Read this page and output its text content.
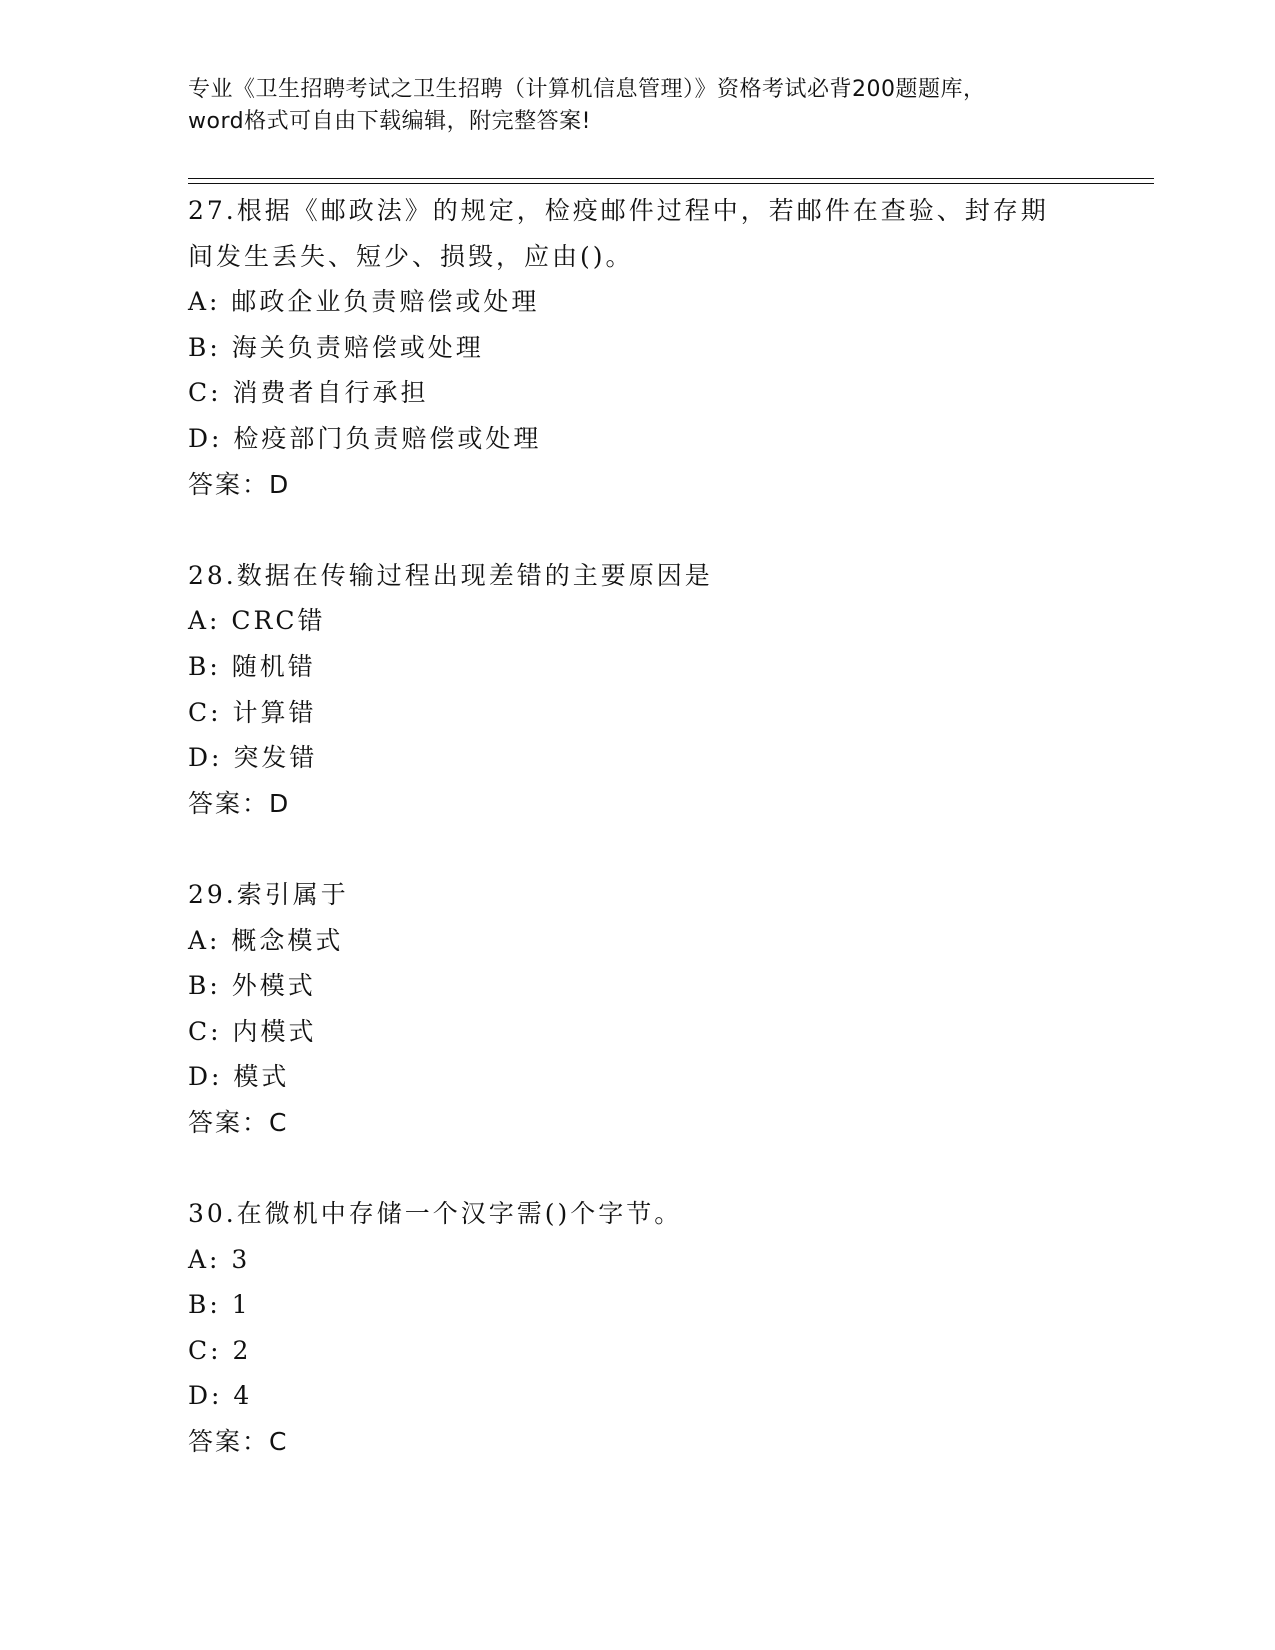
专业《卫生招聘考试之卫生招聘（计算机信息管理）》资格考试必背200题题库，
word格式可自由下载编辑，附完整答案!
27.根据《邮政法》的规定，检疫邮件过程中，若邮件在查验、封存期
间发生丢失、短少、损毁，应由()。
A: 邮政企业负责赔偿或处理
B: 海关负责赔偿或处理
C: 消费者自行承担
D: 检疫部门负责赔偿或处理
答案：D
28.数据在传输过程出现差错的主要原因是
A: CRC错
B: 随机错
C: 计算错
D: 突发错
答案：D
29.索引属于
A: 概念模式
B: 外模式
C: 内模式
D: 模式
答案：C
30.在微机中存储一个汉字需()个字节。
A: 3
B: 1
C: 2
D: 4
答案：C
